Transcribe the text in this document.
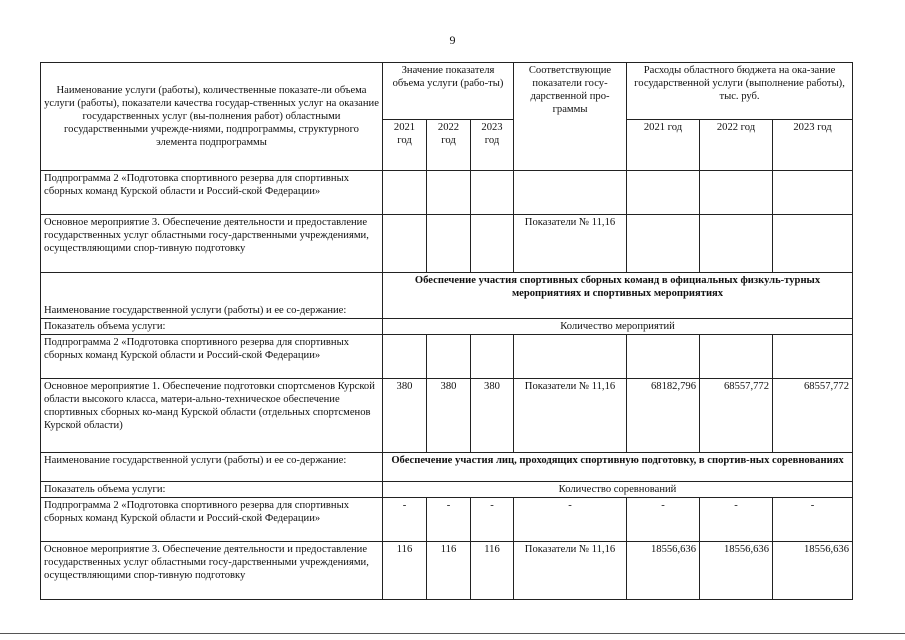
9
Наименование услуги (работы), количественные показате-ли объема услуги (работы), показатели качества государ-ственных услуг на оказание государственных услуг (вы-полнения работ) областными государственными учрежде-ниями, подпрограммы, структурного элемента подпрограммы	Значение показателя объема услуги (рабо-ты)			Соответствующие показатели госу-дарственной про-граммы	Расходы областного бюджета на ока-зание государственной услуги (выполнение работы), тыс. руб.		
	2021 год	2022 год	2023 год		2021 год	2022 год	2023 год
Подпрограмма 2 «Подготовка спортивного резерва для спортивных сборных команд Курской области и Россий-ской Федерации»							
Основное мероприятие 3. Обеспечение деятельности и предоставление государственных услуг областными госу-дарственными учреждениями, осуществляющими спор-тивную подготовку				Показатели № 11,16			
Наименование государственной услуги (работы) и ее со-держание:	Обеспечение участия спортивных сборных команд в официальных физкуль-турных мероприятиях и спортивных мероприятиях						
Показатель объема услуги:	Количество мероприятий						
Подпрограмма 2 «Подготовка спортивного резерва для спортивных сборных команд Курской области и Россий-ской Федерации»							
Основное мероприятие 1. Обеспечение подготовки спортсменов Курской области высокого класса, матери-ально-техническое обеспечение спортивных сборных ко-манд Курской области (отдельных спортсменов Курской области)	380	380	380	Показатели № 11,16	68182,796	68557,772	68557,772
Наименование государственной услуги (работы) и ее со-держание:	Обеспечение участия лиц, проходящих спортивную подготовку, в спортив-ных соревнованиях						
Показатель объема услуги:	Количество соревнований						
Подпрограмма 2 «Подготовка спортивного резерва для спортивных сборных команд Курской области и Россий-ской Федерации»	-	-	-	-	-	-	-
Основное мероприятие 3. Обеспечение деятельности и предоставление государственных услуг областными госу-дарственными учреждениями, осуществляющими спор-тивную подготовку	116	116	116	Показатели № 11,16	18556,636	18556,636	18556,636
